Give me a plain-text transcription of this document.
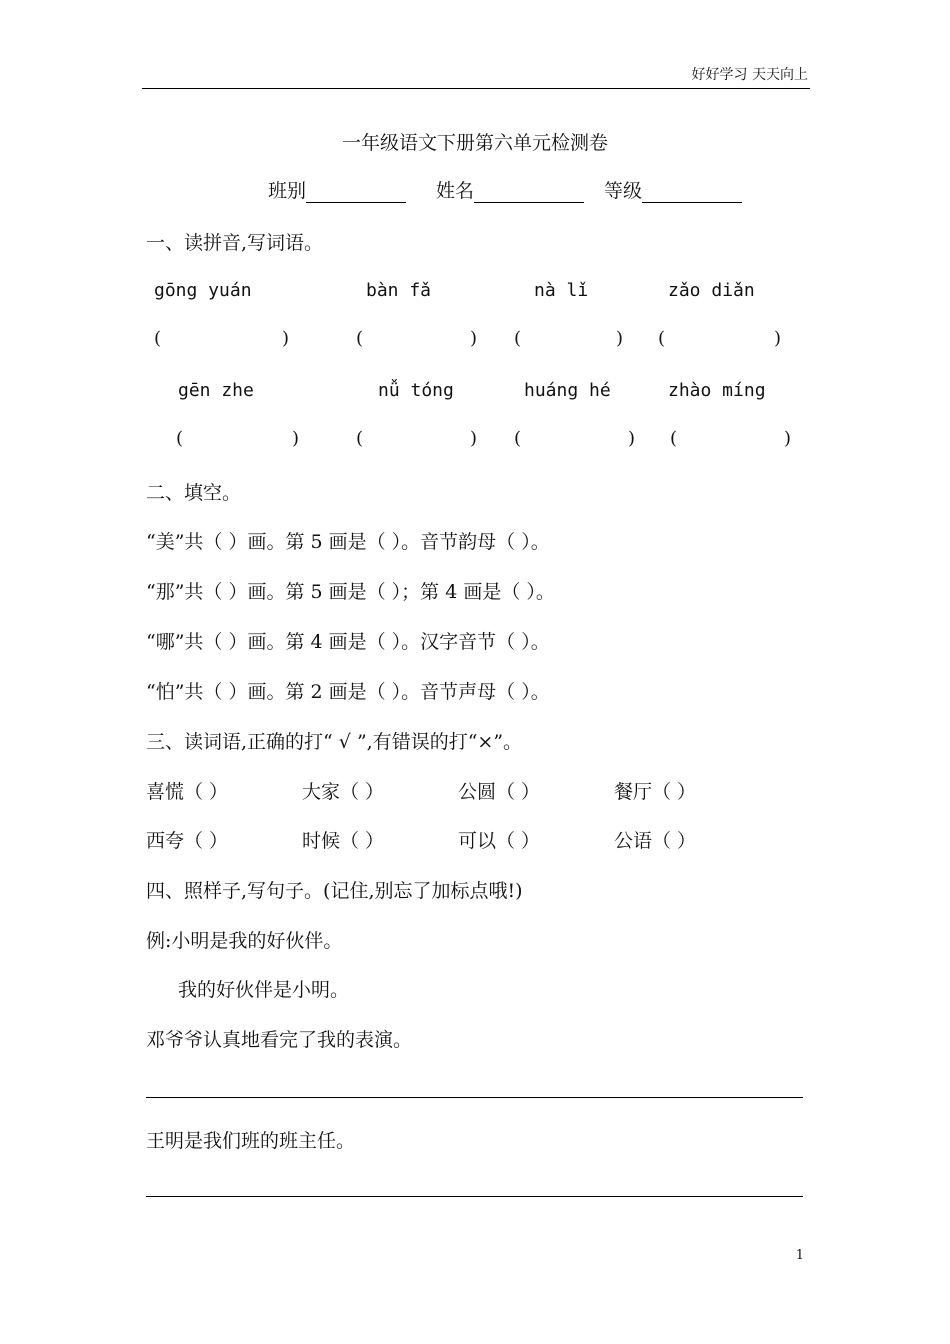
好好学习 天天向上
一年级语文下册第六单元检测卷
班别	姓名	等级
一、读拼音,写词语。
gōng yuán	bàn fǎ	nà lǐ	zǎo diǎn
(	)	(	) (	) (	)
gēn zhe	nǚ tóng	huáng hé	zhào míng
(	)	(	) (	) (	)
二、填空。
“美”共（ ）画。第 5 画是（ ）。音节韵母（ ）。
“那”共（ ）画。第 5 画是（ ）；第 4 画是（ ）。
“哪”共（ ）画。第 4 画是（ ）。汉字音节（ ）。
“怕”共（ ）画。第 2 画是（ ）。音节声母（ ）。
三、读词语,正确的打“ √ ”,有错误的打“×”。
喜慌（ ）	大家（ ）	公圆（ ）	餐厅（ ）
西夸（ ）	时候（ ）	可以（ ）	公语（ ）
四、照样子,写句子。(记住,别忘了加标点哦!)
例:小明是我的好伙伴。
我的好伙伴是小明。
邓爷爷认真地看完了我的表演。
王明是我们班的班主任。
1
